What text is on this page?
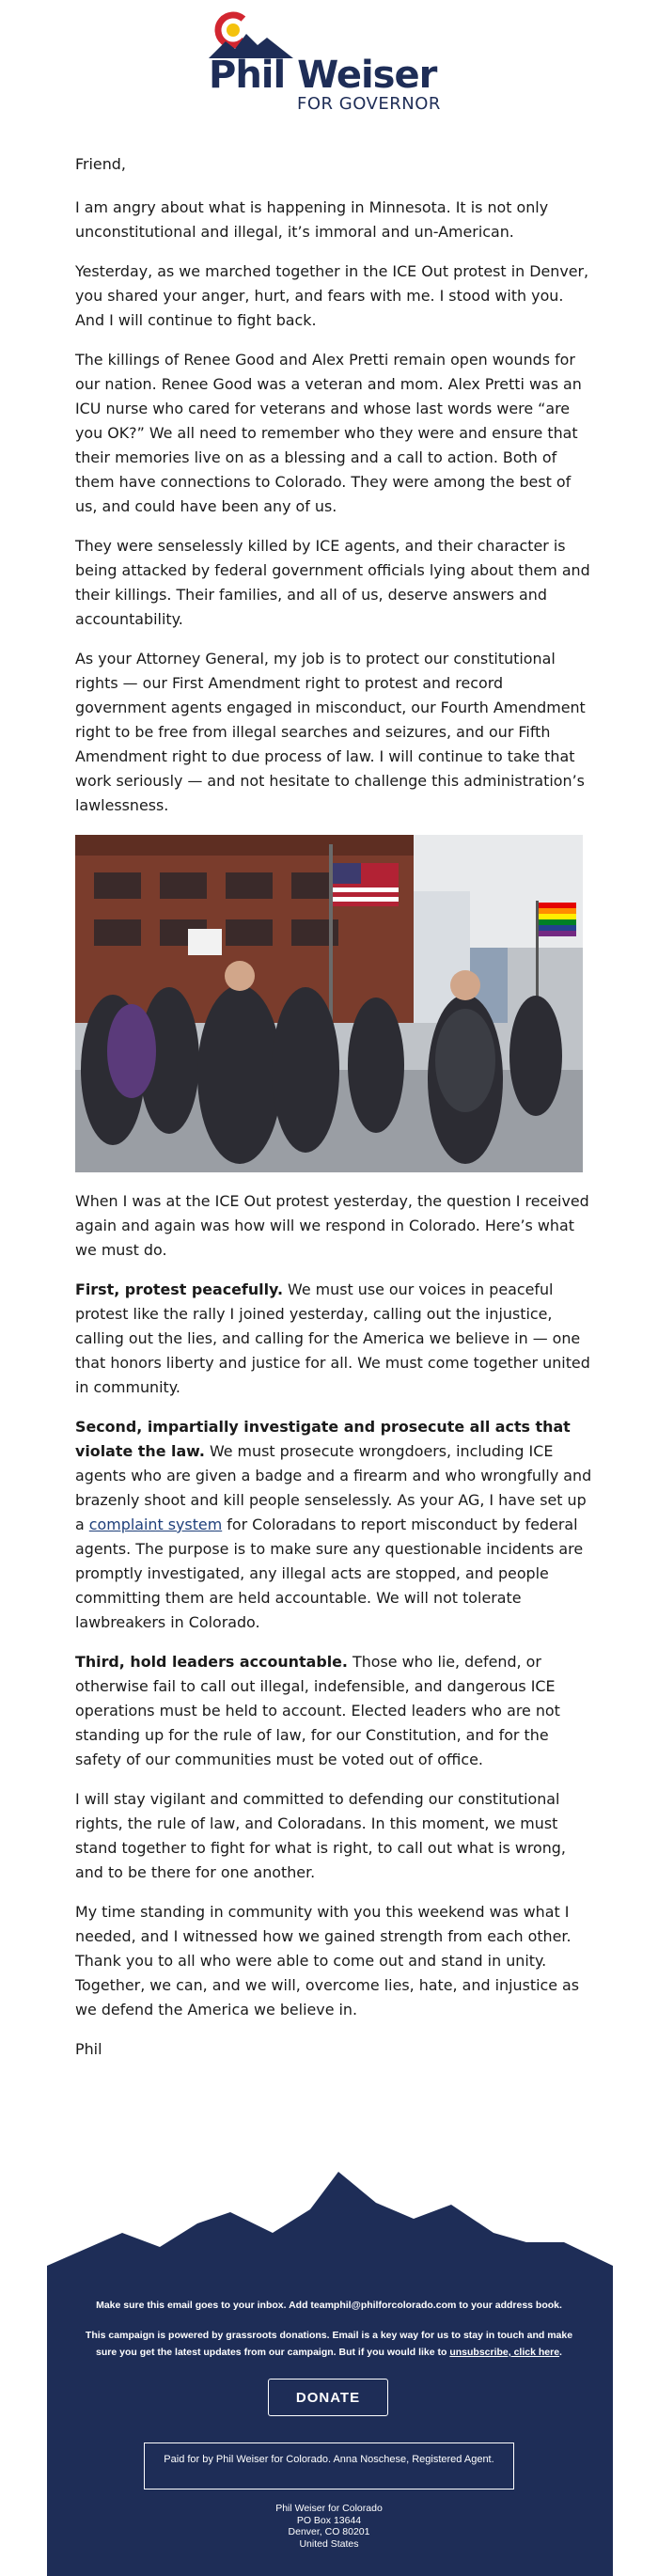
Phil Weiser
FOR GOVERNOR

Friend,

I am angry about what is happening in Minnesota. It is not only unconstitutional and illegal, it’s immoral and un-American.

Yesterday, as we marched together in the ICE Out protest in Denver, you shared your anger, hurt, and fears with me. I stood with you. And I will continue to fight back.

The killings of Renee Good and Alex Pretti remain open wounds for our nation. Renee Good was a veteran and mom. Alex Pretti was an ICU nurse who cared for veterans and whose last words were “are you OK?” We all need to remember who they were and ensure that their memories live on as a blessing and a call to action. Both of them have connections to Colorado. They were among the best of us, and could have been any of us.

They were senselessly killed by ICE agents, and their character is being attacked by federal government officials lying about them and their killings. Their families, and all of us, deserve answers and accountability.

As your Attorney General, my job is to protect our constitutional rights — our First Amendment right to protest and record government agents engaged in misconduct, our Fourth Amendment right to be free from illegal searches and seizures, and our Fifth Amendment right to due process of law. I will continue to take that work seriously — and not hesitate to challenge this administration’s lawlessness.

When I was at the ICE Out protest yesterday, the question I received again and again was how will we respond in Colorado. Here’s what we must do.

First, protest peacefully. We must use our voices in peaceful protest like the rally I joined yesterday, calling out the injustice, calling out the lies, and calling for the America we believe in — one that honors liberty and justice for all. We must come together united in community.

Second, impartially investigate and prosecute all acts that violate the law. We must prosecute wrongdoers, including ICE agents who are given a badge and a firearm and who wrongfully and brazenly shoot and kill people senselessly. As your AG, I have set up a complaint system for Coloradans to report misconduct by federal agents. The purpose is to make sure any questionable incidents are promptly investigated, any illegal acts are stopped, and people committing them are held accountable. We will not tolerate lawbreakers in Colorado.

Third, hold leaders accountable. Those who lie, defend, or otherwise fail to call out illegal, indefensible, and dangerous ICE operations must be held to account. Elected leaders who are not standing up for the rule of law, for our Constitution, and for the safety of our communities must be voted out of office.

I will stay vigilant and committed to defending our constitutional rights, the rule of law, and Coloradans. In this moment, we must stand together to fight for what is right, to call out what is wrong, and to be there for one another.

My time standing in community with you this weekend was what I needed, and I witnessed how we gained strength from each other. Thank you to all who were able to come out and stand in unity. Together, we can, and we will, overcome lies, hate, and injustice as we defend the America we believe in.

Phil

Make sure this email goes to your inbox. Add teamphil@philforcolorado.com to your address book.
This campaign is powered by grassroots donations. Email is a key way for us to stay in touch and make sure you get the latest updates from our campaign. But if you would like to unsubscribe, click here.
DONATE
Paid for by Phil Weiser for Colorado. Anna Noschese, Registered Agent.
Phil Weiser for Colorado
PO Box 13644
Denver, CO 80201
United States
